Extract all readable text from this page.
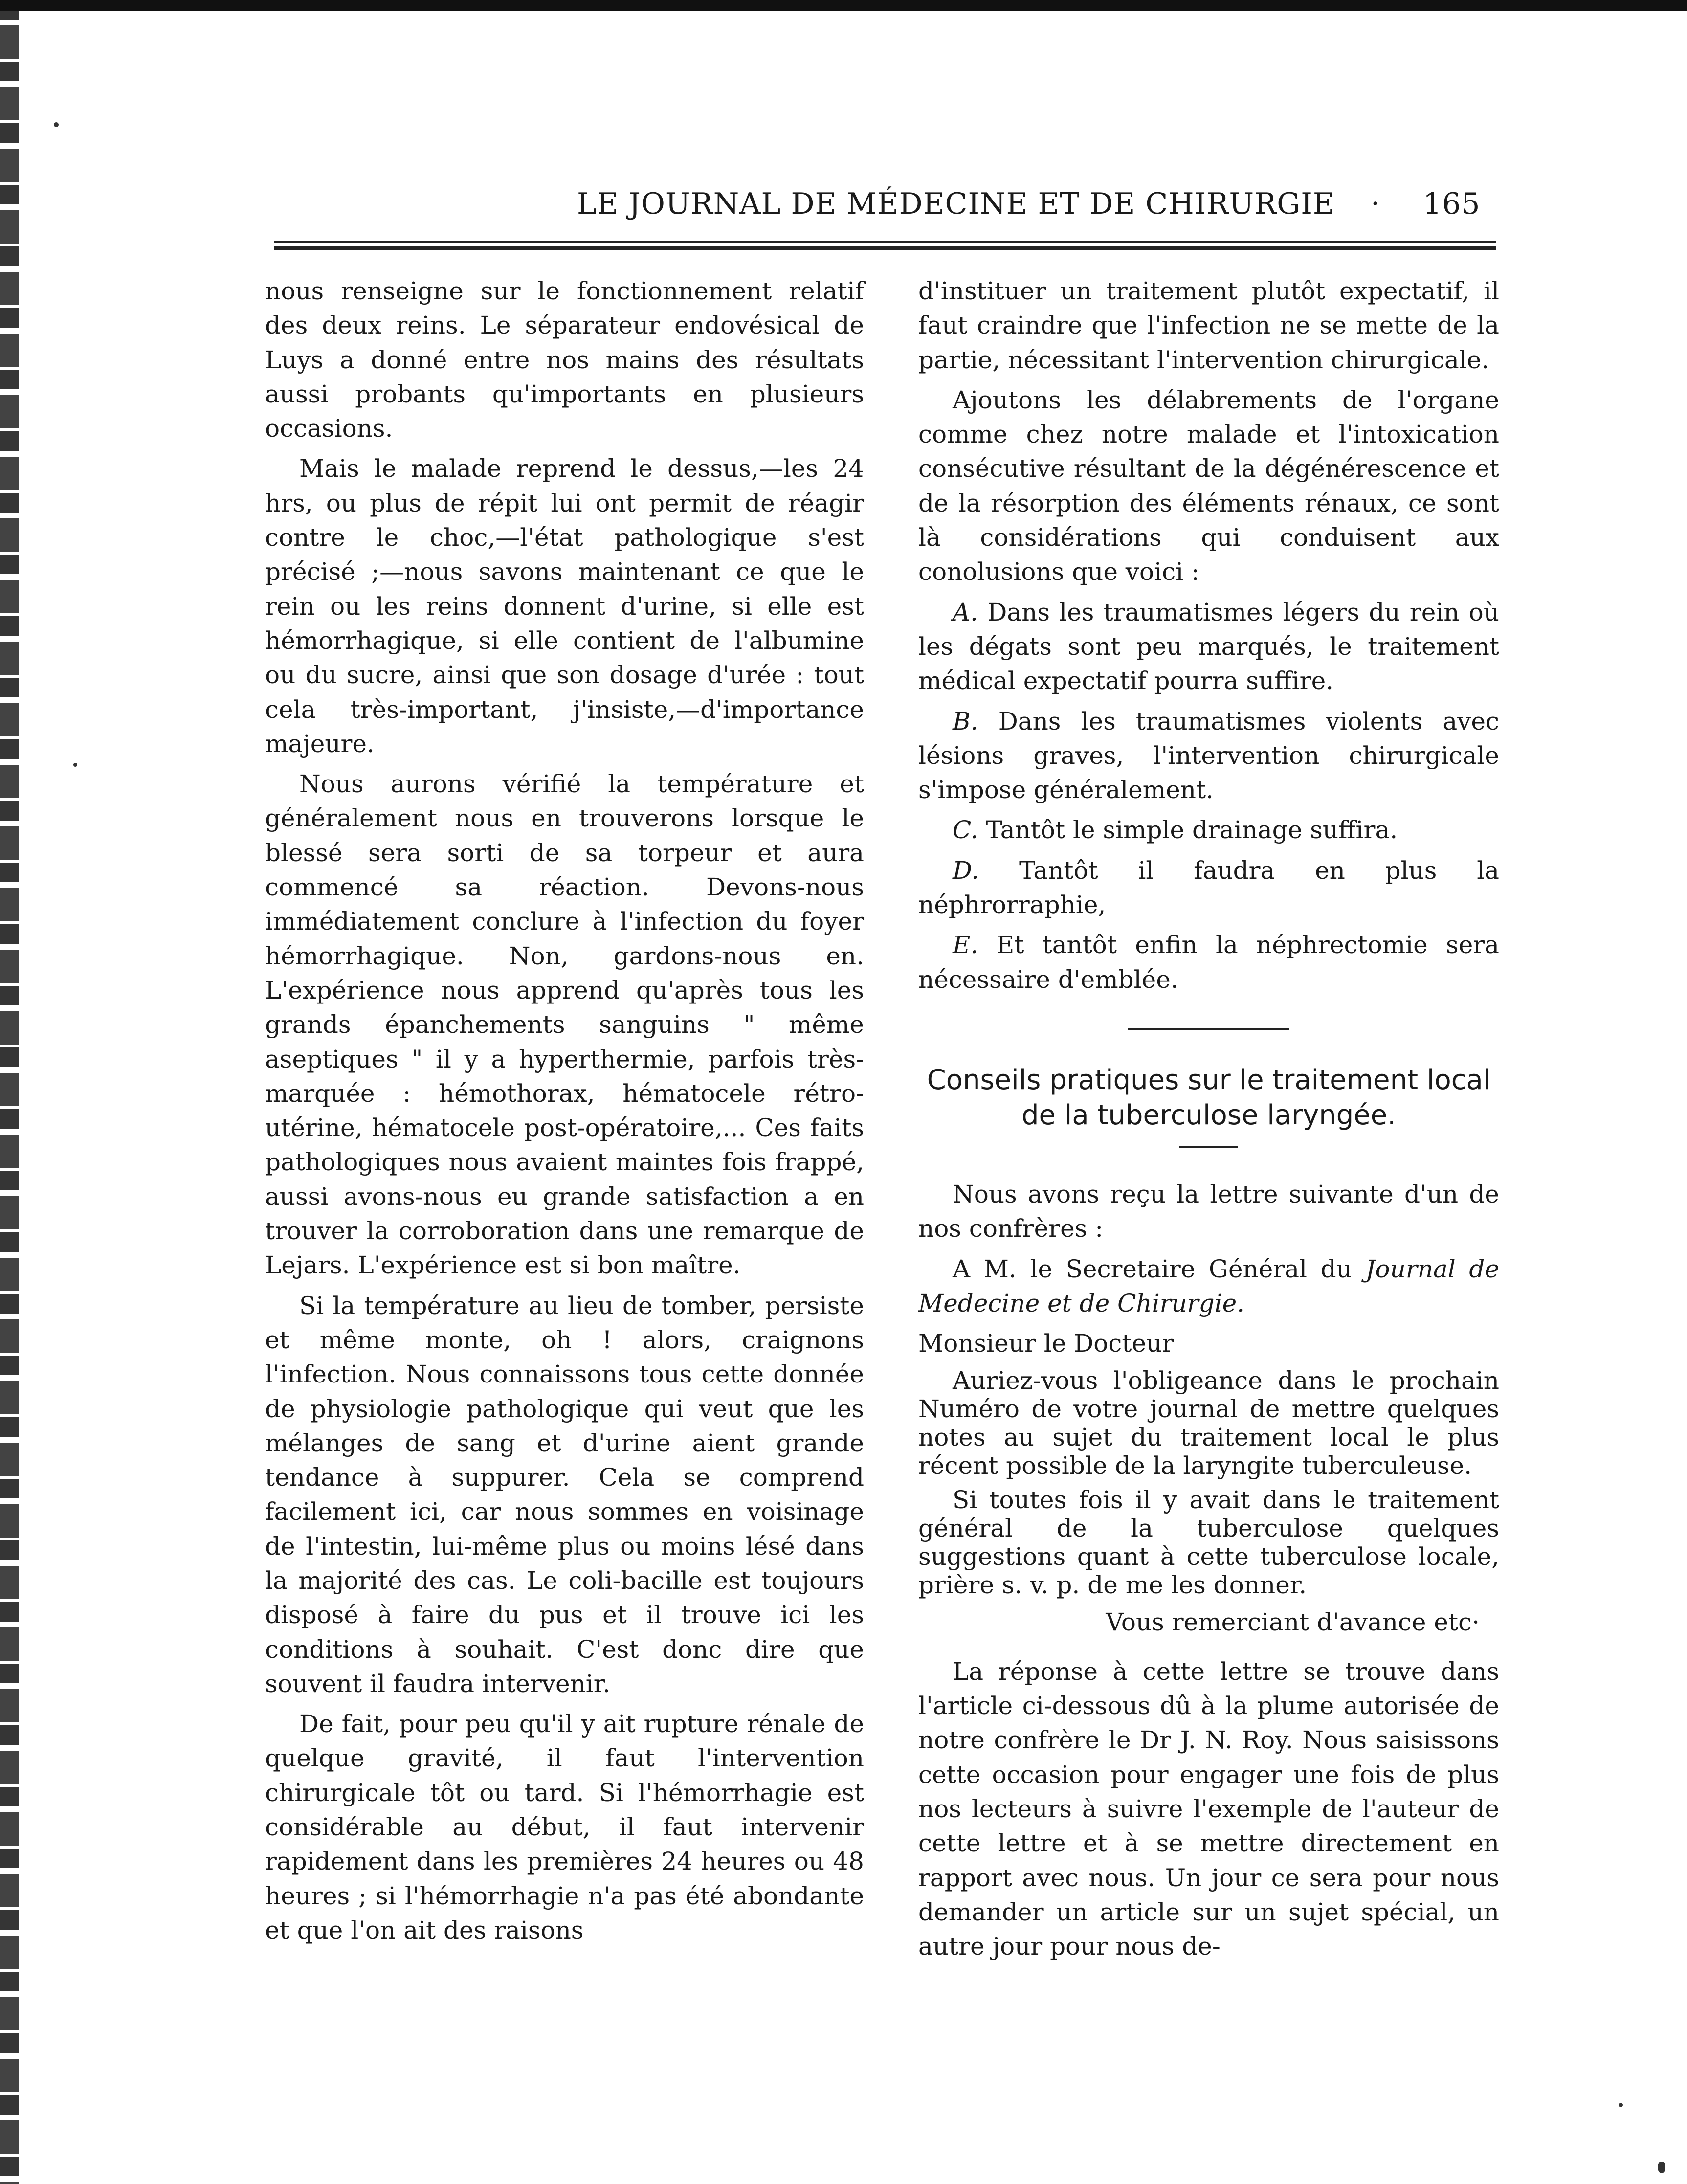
LE JOURNAL DE MÉDECINE ET DE CHIRURGIE · 165

nous renseigne sur le fonctionnement relatif des deux reins. Le séparateur endovésical de Luys a donné entre nos mains des résultats aussi probants qu'importants en plusieurs occasions.

Mais le malade reprend le dessus,—les 24 hrs, ou plus de répit lui ont permit de réagir contre le choc,—l'état pathologique s'est précisé ;—nous savons maintenant ce que le rein ou les reins donnent d'urine, si elle est hémorrhagique, si elle contient de l'albumine ou du sucre, ainsi que son dosage d'urée : tout cela très-important, j'insiste,—d'importance majeure.

Nous aurons vérifié la température et généralement nous en trouverons lorsque le blessé sera sorti de sa torpeur et aura commencé sa réaction. Devons-nous immédiatement conclure à l'infection du foyer hémorrhagique. Non, gardons-nous en. L'expérience nous apprend qu'après tous les grands épanchements sanguins " même aseptiques " il y a hyperthermie, parfois très-marquée : hémothorax, hématocele rétro-utérine, hématocele post-opératoire,... Ces faits pathologiques nous avaient maintes fois frappé, aussi avons-nous eu grande satisfaction a en trouver la corroboration dans une remarque de Lejars. L'expérience est si bon maître.

Si la température au lieu de tomber, persiste et même monte, oh ! alors, craignons l'infection. Nous connaissons tous cette donnée de physiologie pathologique qui veut que les mélanges de sang et d'urine aient grande tendance à suppurer. Cela se comprend facilement ici, car nous sommes en voisinage de l'intestin, lui-même plus ou moins lésé dans la majorité des cas. Le coli-bacille est toujours disposé à faire du pus et il trouve ici les conditions à souhait. C'est donc dire que souvent il faudra intervenir.

De fait, pour peu qu'il y ait rupture rénale de quelque gravité, il faut l'intervention chirurgicale tôt ou tard. Si l'hémorrhagie est considérable au début, il faut intervenir rapidement dans les premières 24 heures ou 48 heures ; si l'hémorrhagie n'a pas été abondante et que l'on ait des raisons

d'instituer un traitement plutôt expectatif, il faut craindre que l'infection ne se mette de la partie, nécessitant l'intervention chirurgicale.

Ajoutons les délabrements de l'organe comme chez notre malade et l'intoxication consécutive résultant de la dégénérescence et de la résorption des éléments rénaux, ce sont là considérations qui conduisent aux conolusions que voici :

A. Dans les traumatismes légers du rein où les dégats sont peu marqués, le traitement médical expectatif pourra suffire.

B. Dans les traumatismes violents avec lésions graves, l'intervention chirurgicale s'impose généralement.

C. Tantôt le simple drainage suffira.

D. Tantôt il faudra en plus la néphrorraphie,

E. Et tantôt enfin la néphrectomie sera nécessaire d'emblée.

Conseils pratiques sur le traitement local
de la tuberculose laryngée.

Nous avons reçu la lettre suivante d'un de nos confrères :

A M. le Secretaire Général du Journal de Medecine et de Chirurgie.

Monsieur le Docteur

Auriez-vous l'obligeance dans le prochain Numéro de votre journal de mettre quelques notes au sujet du traitement local le plus récent possible de la laryngite tuberculeuse.

Si toutes fois il y avait dans le traitement général de la tuberculose quelques suggestions quant à cette tuberculose locale, prière s. v. p. de me les donner.

Vous remerciant d'avance etc·

La réponse à cette lettre se trouve dans l'article ci-dessous dû à la plume autorisée de notre confrère le Dr J. N. Roy. Nous saisissons cette occasion pour engager une fois de plus nos lecteurs à suivre l'exemple de l'auteur de cette lettre et à se mettre directement en rapport avec nous. Un jour ce sera pour nous demander un article sur un sujet spécial, un autre jour pour nous de-
